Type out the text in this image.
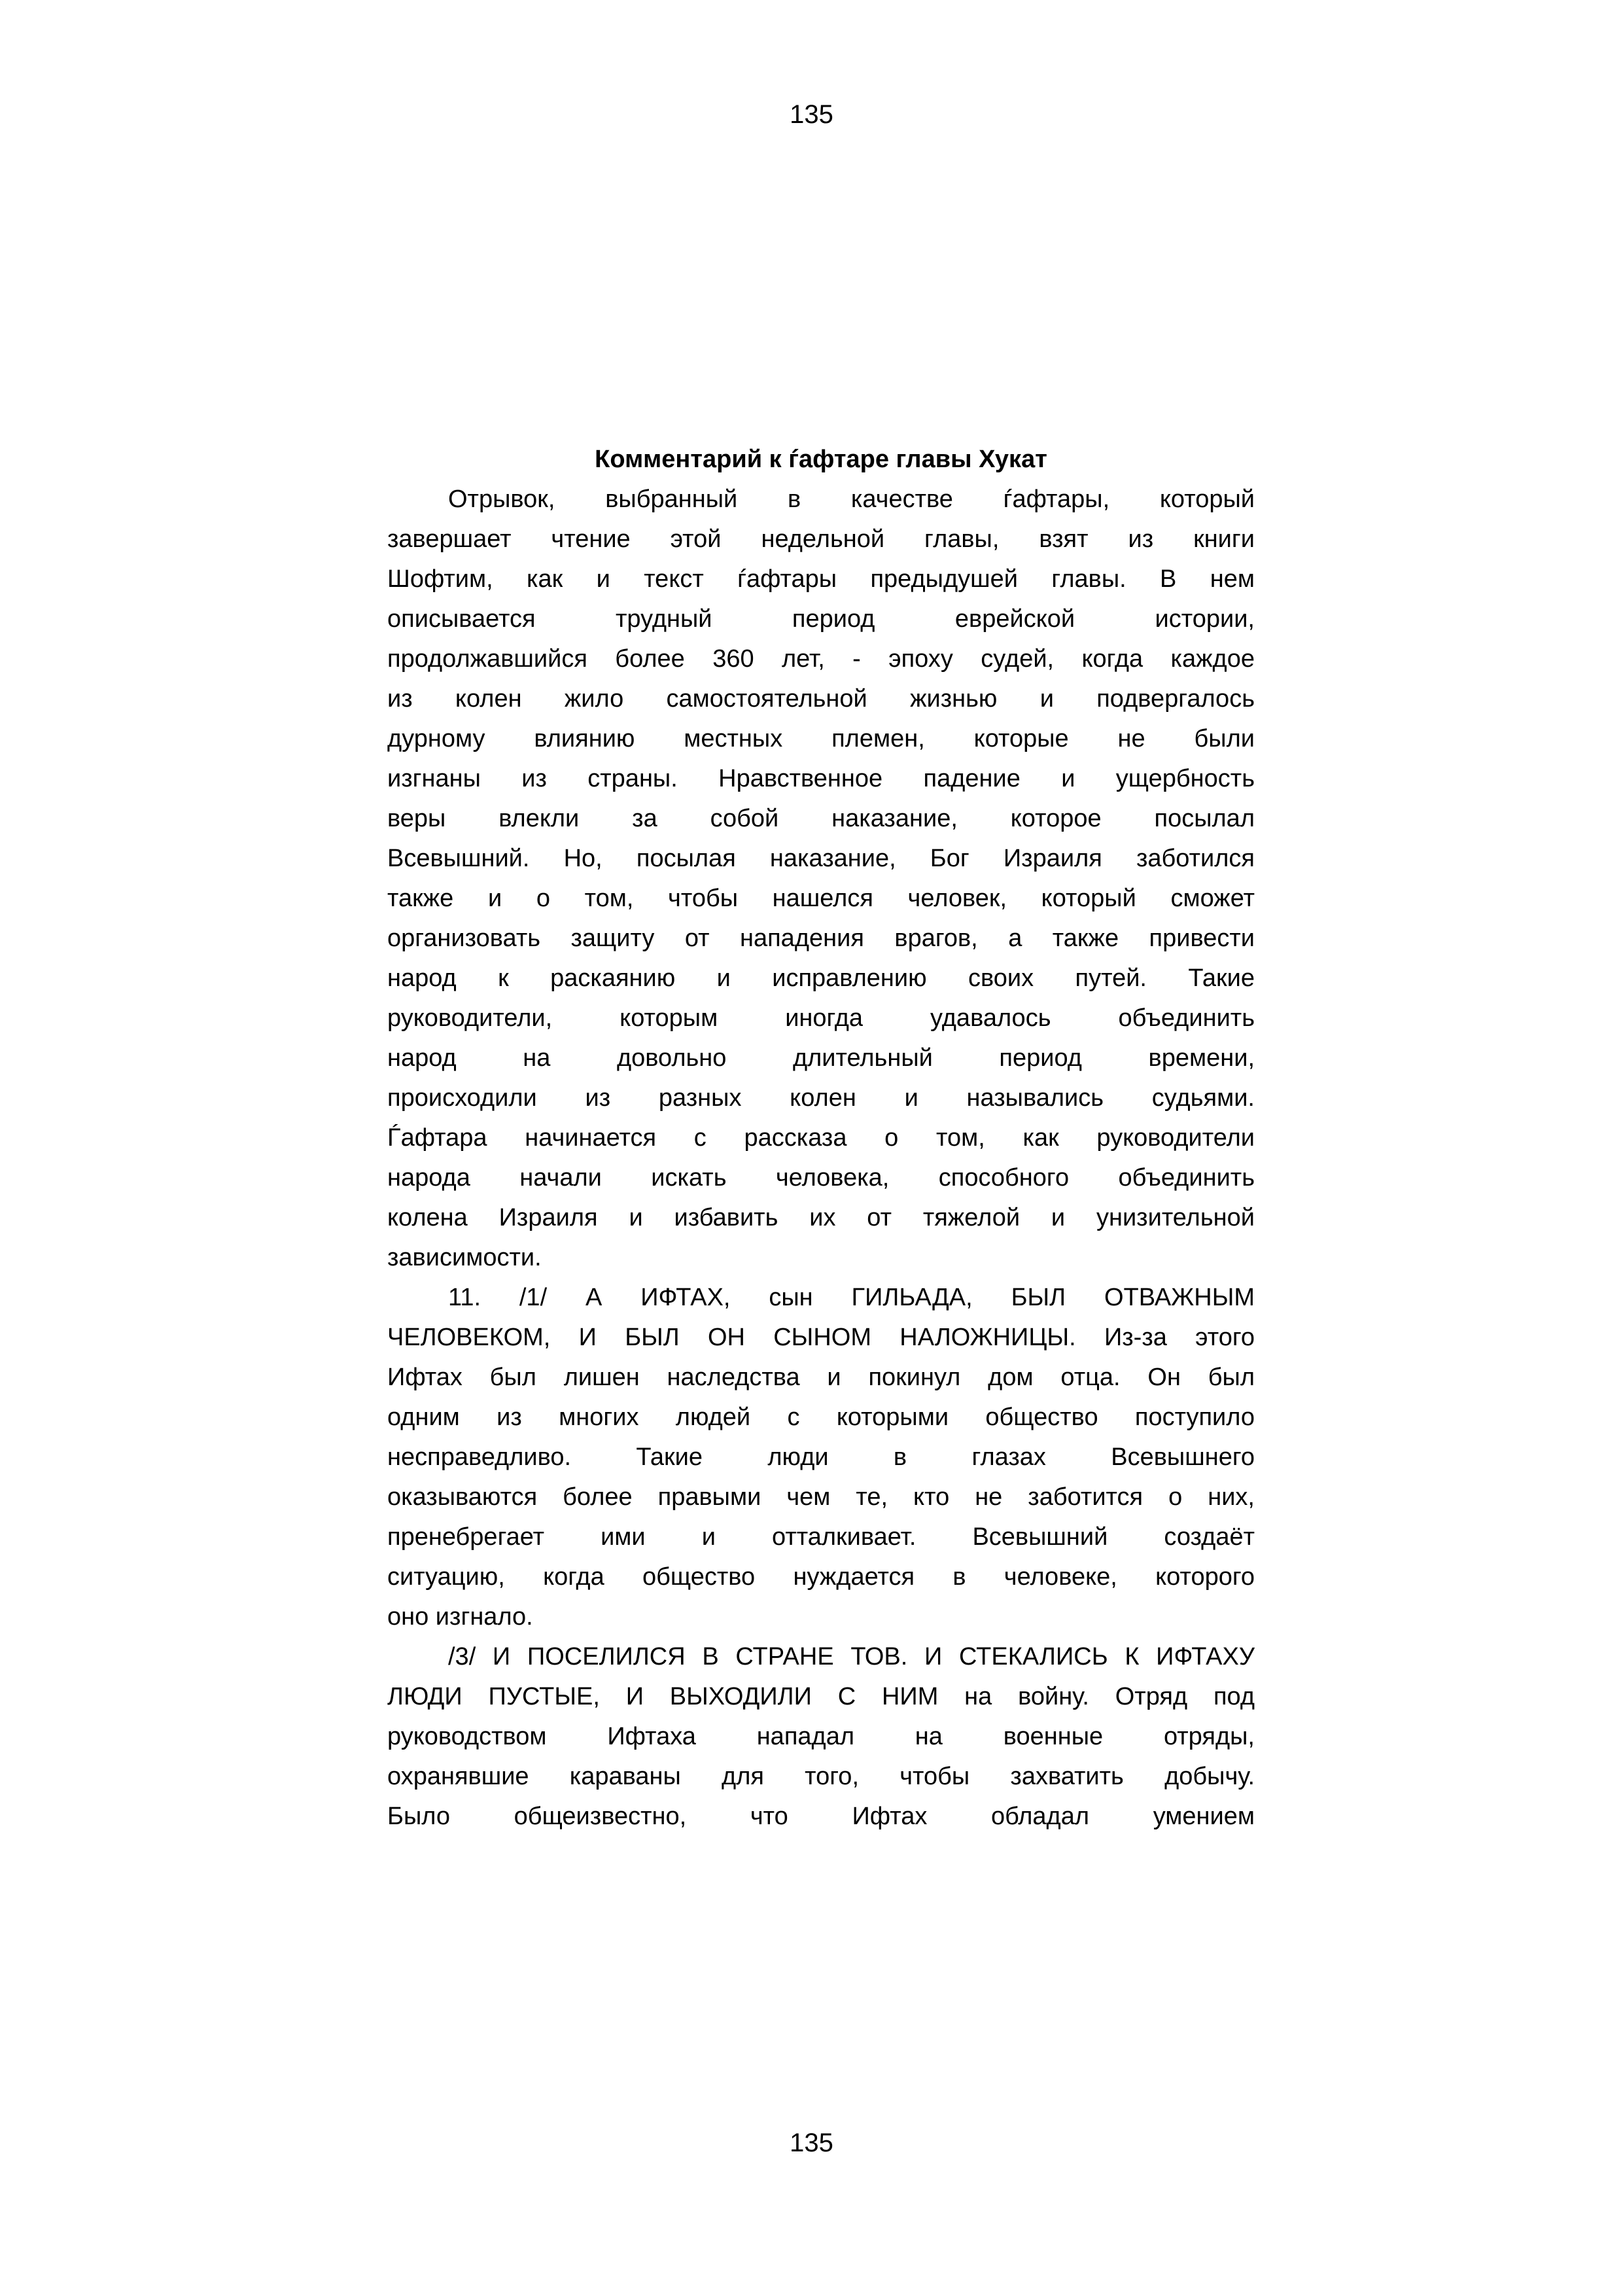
135
Комментарий к ѓафтаре главы Хукат
Отрывок, выбранный в качестве ѓафтары, который
завершает чтение этой недельной главы, взят из книги
Шофтим, как и текст ѓафтары предыдушей главы. В нем
описывается трудный период еврейской истории,
продолжавшийся более 360 лет, - эпоху судей, когда каждое
из колен жило самостоятельной жизнью и подвергалось
дурному влиянию местных племен, которые не были
изгнаны из страны. Нравственное падение и ущербность
веры влекли за собой наказание, которое посылал
Всевышний. Но, посылая наказание, Бог Израиля заботился
также и о том, чтобы нашелся человек, который сможет
организовать защиту от нападения врагов, а также привести
народ к раскаянию и исправлению своих путей. Такие
руководители, которым иногда удавалось объединить
народ на довольно длительный период времени,
происходили из разных колен и назывались судьями.
Ѓафтара начинается с рассказа о том, как руководители
народа начали искать человека, способного объединить
колена Израиля и избавить их от тяжелой и унизительной
зависимости.
11. /1/ А ИФТАХ, сын ГИЛЬАДА, БЫЛ ОТВАЖНЫМ
ЧЕЛОВЕКОМ, И БЫЛ ОН СЫНОМ НАЛОЖНИЦЫ. Из-за этого
Ифтах был лишен наследства и покинул дом отца. Он был
одним из многих людей с которыми общество поступило
несправедливо. Такие люди в глазах Всевышнего
оказываются более правыми чем те, кто не заботится о них,
пренебрегает ими и отталкивает. Всевышний создаёт
ситуацию, когда общество нуждается в человеке, которого
оно изгнало.
/3/ И ПОСЕЛИЛСЯ В СТРАНЕ ТОВ. И СТЕКАЛИСЬ К ИФТАХУ
ЛЮДИ ПУСТЫЕ, И ВЫХОДИЛИ С НИМ на войну. Отряд под
руководством Ифтаха нападал на военные отряды,
охранявшие караваны для того, чтобы захватить добычу.
Было общеизвестно, что Ифтах обладал умением
135
